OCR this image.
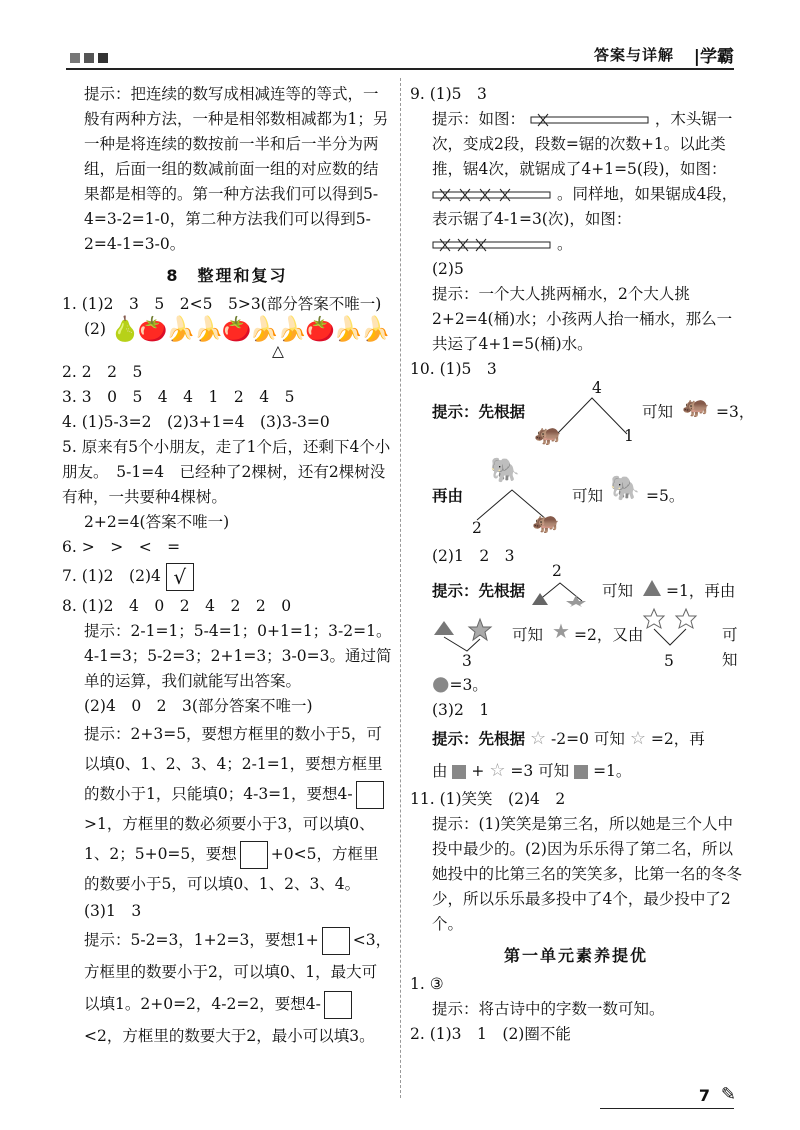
答案与详解 |学霸

提示：把连续的数写成相减连等的等式，一般有两种方法，一种是相邻数相减都为1；另一种是将连续的数按前一半和后一半分为两组，后面一组的数减前面一组的对应数的结果都是相等的。第一种方法我们可以得到5-4=3-2=1-0，第二种方法我们可以得到5-2=4-1=3-0。

8　整理和复习

1. (1)2　3　5　2<5　5>3(部分答案不唯一)

(2) 🍐🍅🍌🍌🍅🍌🍌🍅🍌🍌

△

2. 2　2　5

3. 3　0　5　4　4　1　2　4　5

4. (1)5-3=2　(2)3+1=4　(3)3-3=0

5. 原来有5个小朋友，走了1个后，还剩下4个小朋友。　5-1=4　已经种了2棵树，还有2棵树没有种，一共要种4棵树。

2+2=4(答案不唯一)

6. >　>　<　=

7. (1)2　(2)4 √

8. (1)2　4　0　2　4　2　2　0

提示：2-1=1；5-4=1；0+1=1；3-2=1。4-1=3；5-2=3；2+1=3；3-0=3。通过简单的运算，我们就能写出答案。

(2)4　0　2　3(部分答案不唯一)

提示：2+3=5，要想方框里的数小于5，可以填0、1、2、3、4；2-1=1，要想方框里的数小于1，只能填0；4-3=1，要想4->1，方框里的数必须要小于3，可以填0、1、2；5+0=5，要想 +0<5，方框里的数要小于5，可以填0、1、2、3、4。

(3)1　3

提示：5-2=3，1+2=3，要想1+ <3，方框里的数要小于2，可以填0、1，最大可以填1。2+0=2，4-2=2，要想4-<2，方框里的数要大于2，最小可以填3。

9. (1)5　3

提示：如图：	，木头锯一次，变成2段，段数=锯的次数+1。以此类推，锯4次，就锯成了4+1=5(段)，如图：  。同样地，如果锯成4段，表示锯了4-1=3(次)，如图：  。

(2)5

提示：一个大人挑两桶水，2个大人挑2+2=4(桶)水；小孩两人抬一桶水，那么一共运了4+1=5(桶)水。

10. (1)5　3

4
提示：先根据
🦛	1
可知 🦛 =3，
🐘
再由
2 🦛
可知 🐘 =5。

(2)1　2　3

提示：先根据
2
可知 =1，再由
3
可知 ★ =2，又由
5
可知

●=3。

(3)2　1

提示：先根据 ☆ -2=0 可知 ☆ =2，再
由 + ☆ =3 可知 =1。

11. (1)笑笑　(2)4　2

提示：(1)笑笑是第三名，所以她是三个人中投中最少的。(2)因为乐乐得了第二名，所以她投中的比第三名的笑笑多，比第一名的冬冬少，所以乐乐最多投中了4个，最少投中了2个。

第一单元素养提优

1. ③

提示：将古诗中的字数一数可知。

2. (1)3　1　(2)圈不能

7 ✎
